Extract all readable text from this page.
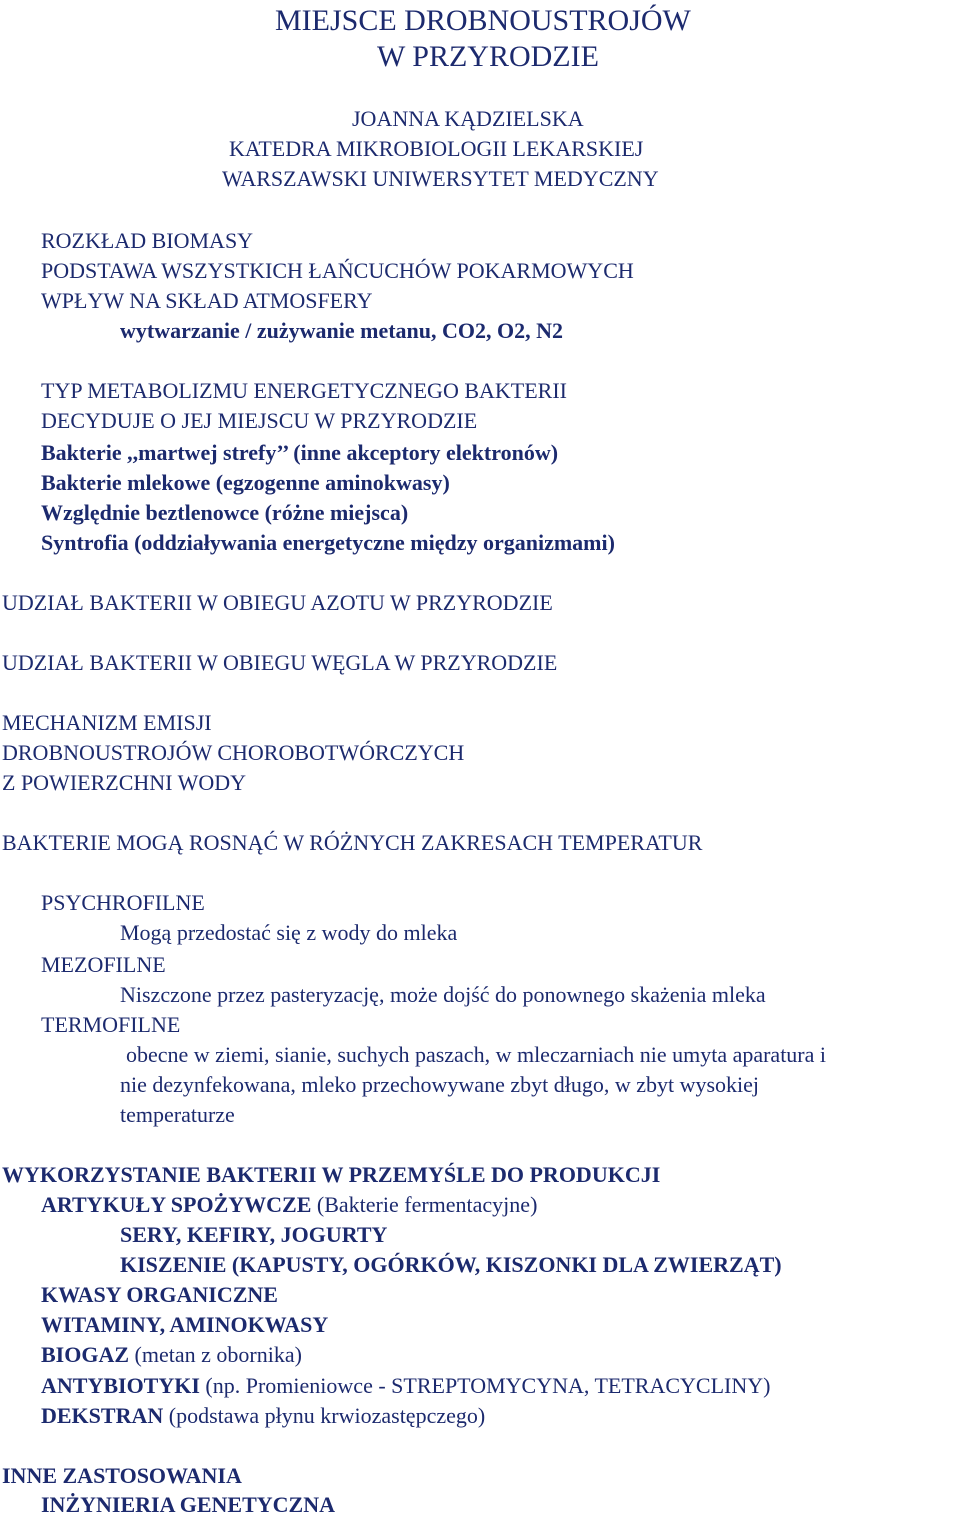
MIEJSCE DROBNOUSTROJÓW
W PRZYRODZIE
JOANNA KĄDZIELSKA
KATEDRA MIKROBIOLOGII LEKARSKIEJ
WARSZAWSKI UNIWERSYTET MEDYCZNY
ROZKŁAD BIOMASY
PODSTAWA WSZYSTKICH ŁAŃCUCHÓW POKARMOWYCH
WPŁYW NA SKŁAD ATMOSFERY
wytwarzanie / zużywanie metanu, CO2, O2, N2
TYP METABOLIZMU ENERGETYCZNEGO BAKTERII
DECYDUJE O JEJ MIEJSCU W PRZYRODZIE
Bakterie ,,martwej strefy’’ (inne akceptory elektronów)
Bakterie mlekowe (egzogenne aminokwasy)
Względnie beztlenowce (różne miejsca)
Syntrofia (oddziaływania energetyczne między organizmami)
UDZIAŁ BAKTERII W OBIEGU AZOTU W PRZYRODZIE
UDZIAŁ BAKTERII W OBIEGU WĘGLA W PRZYRODZIE
MECHANIZM EMISJI
DROBNOUSTROJÓW CHOROBOTWÓRCZYCH
Z POWIERZCHNI WODY
BAKTERIE MOGĄ ROSNĄĆ W RÓŻNYCH ZAKRESACH TEMPERATUR
PSYCHROFILNE
Mogą przedostać się z wody do mleka
MEZOFILNE
Niszczone przez pasteryzację, może dojść do ponownego skażenia mleka
TERMOFILNE
obecne w ziemi, sianie, suchych paszach, w mleczarniach nie umyta aparatura i
nie dezynfekowana, mleko przechowywane zbyt długo, w zbyt wysokiej
temperaturze
WYKORZYSTANIE BAKTERII W PRZEMYŚLE DO PRODUKCJI
ARTYKUŁY SPOŻYWCZE (Bakterie fermentacyjne)
SERY, KEFIRY, JOGURTY
KISZENIE (KAPUSTY, OGÓRKÓW, KISZONKI DLA ZWIERZĄT)
KWASY ORGANICZNE
WITAMINY, AMINOKWASY
BIOGAZ (metan z obornika)
ANTYBIOTYKI (np. Promieniowce - STREPTOMYCYNA, TETRACYCLINY)
DEKSTRAN (podstawa płynu krwiozastępczego)
INNE ZASTOSOWANIA
INŻYNIERIA GENETYCZNA
